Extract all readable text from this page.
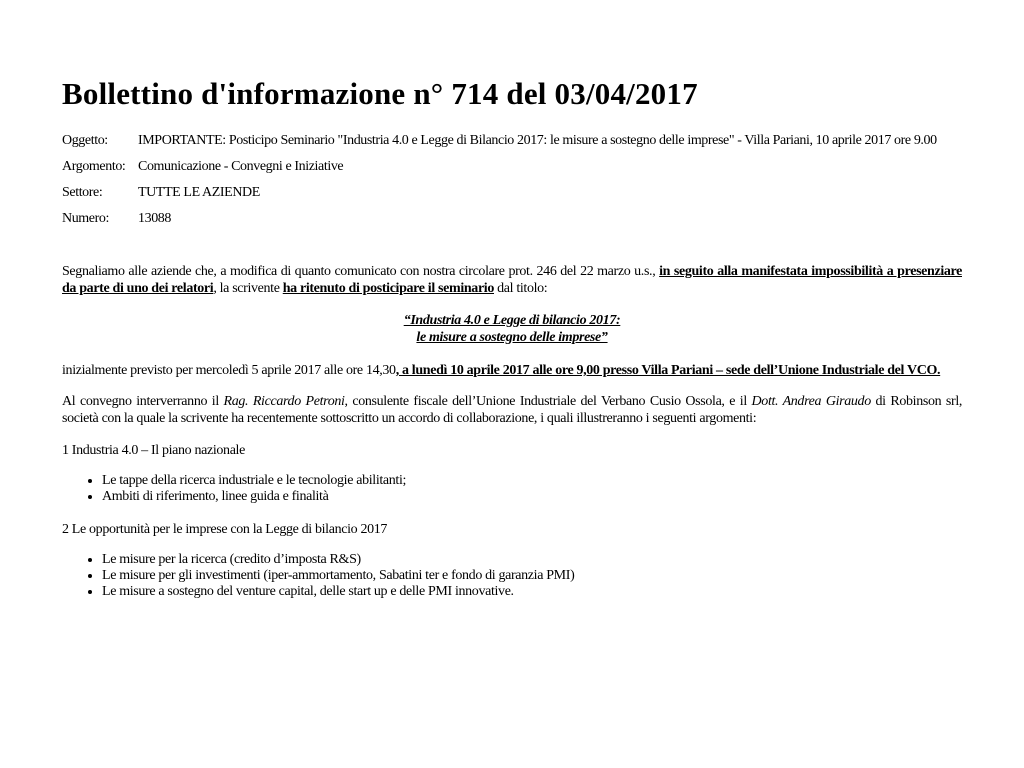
Bollettino d'informazione n° 714 del 03/04/2017
Oggetto:	IMPORTANTE: Posticipo Seminario "Industria 4.0 e Legge di Bilancio 2017: le misure a sostegno delle imprese" - Villa Pariani, 10 aprile 2017 ore 9.00
Argomento:	Comunicazione - Convegni e Iniziative
Settore:	TUTTE LE AZIENDE
Numero:	13088

Segnaliamo alle aziende che, a modifica di quanto comunicato con nostra circolare prot. 246 del 22 marzo u.s., in seguito alla manifestata impossibilità a presenziare da parte di uno dei relatori, la scrivente ha ritenuto di posticipare il seminario dal titolo:

“Industria 4.0 e Legge di bilancio 2017:
le misure a sostegno delle imprese”

inizialmente previsto per mercoledì 5 aprile 2017 alle ore 14,30, a lunedì 10 aprile 2017 alle ore 9,00 presso Villa Pariani – sede dell’Unione Industriale del VCO.

Al convegno interverranno il Rag. Riccardo Petroni, consulente fiscale dell’Unione Industriale del Verbano Cusio Ossola, e il Dott. Andrea Giraudo di Robinson srl, società con la quale la scrivente ha recentemente sottoscritto un accordo di collaborazione, i quali illustreranno i seguenti argomenti:

1 Industria 4.0 – Il piano nazionale

• Le tappe della ricerca industriale e le tecnologie abilitanti;
• Ambiti di riferimento, linee guida e finalità

2 Le opportunità per le imprese con la Legge di bilancio 2017

• Le misure per la ricerca (credito d’imposta R&S)
• Le misure per gli investimenti (iper-ammortamento, Sabatini ter e fondo di garanzia PMI)
• Le misure a sostegno del venture capital, delle start up e delle PMI innovative.
